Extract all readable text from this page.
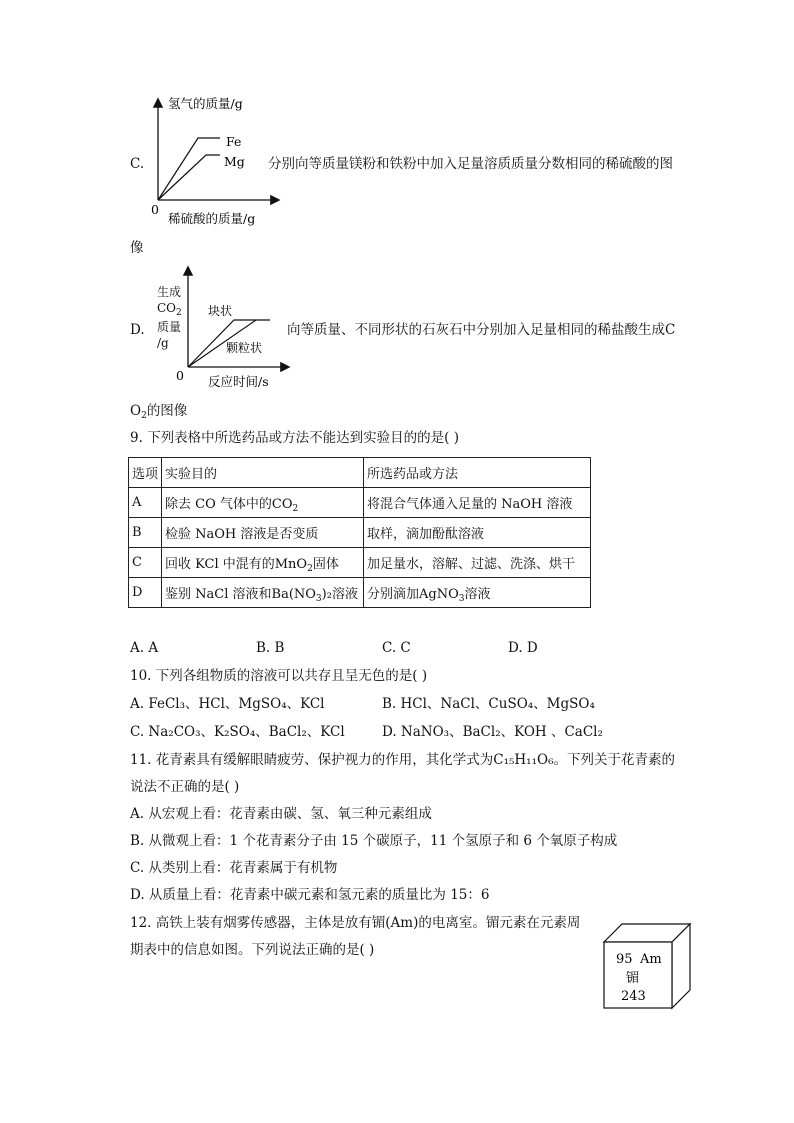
C.
氢气的质量/g
Fe
Mg
0
稀硫酸的质量/g
分别向等质量镁粉和铁粉中加入足量溶质质量分数相同的稀硫酸的图
像
D.
生成
$CO_2$
质量
/g
块状
颗粒状
0 反应时间/s
向等质量、不同形状的石灰石中分别加入足量相同的稀盐酸生成C
$O_2$的图像
9. 下列表格中所选药品或方法不能达到实验目的的是( )
选项	实验目的	所选药品或方法
A	除去 CO 气体中的$CO_2$	将混合气体通入足量的 NaOH 溶液
B	检验 NaOH 溶液是否变质	取样，滴加酚酞溶液
C	回收 KCl 中混有的MnO$_2$固体	加足量水，溶解、过滤、洗涤、烘干
D	鉴别 NaCl 溶液和$Ba(NO_3)_2$溶液	分别滴加AgNO$_3$溶液
A. A	B. B	C. C	D. D
10. 下列各组物质的溶液可以共存且呈无色的是( )
A. FeCl₃、HCl、MgSO₄、KCl	B. HCl、NaCl、CuSO₄、MgSO₄
C. Na₂CO₃、K₂SO₄、BaCl₂、KCl	D. NaNO₃、BaCl₂、KOH 、CaCl₂
11. 花青素具有缓解眼睛疲劳、保护视力的作用，其化学式为C₁₅H₁₁O₆。下列关于花青素的
说法不正确的是( )
A. 从宏观上看：花青素由碳、氢、氧三种元素组成
B. 从微观上看：1 个花青素分子由 15 个碳原子，11 个氢原子和 6 个氧原子构成
C. 从类别上看：花青素属于有机物
D. 从质量上看：花青素中碳元素和氢元素的质量比为 15：6
12. 高铁上装有烟雾传感器，主体是放有镅(Am)的电离室。镅元素在元素周
期表中的信息如图。下列说法正确的是( )
95 Am
镅
243
